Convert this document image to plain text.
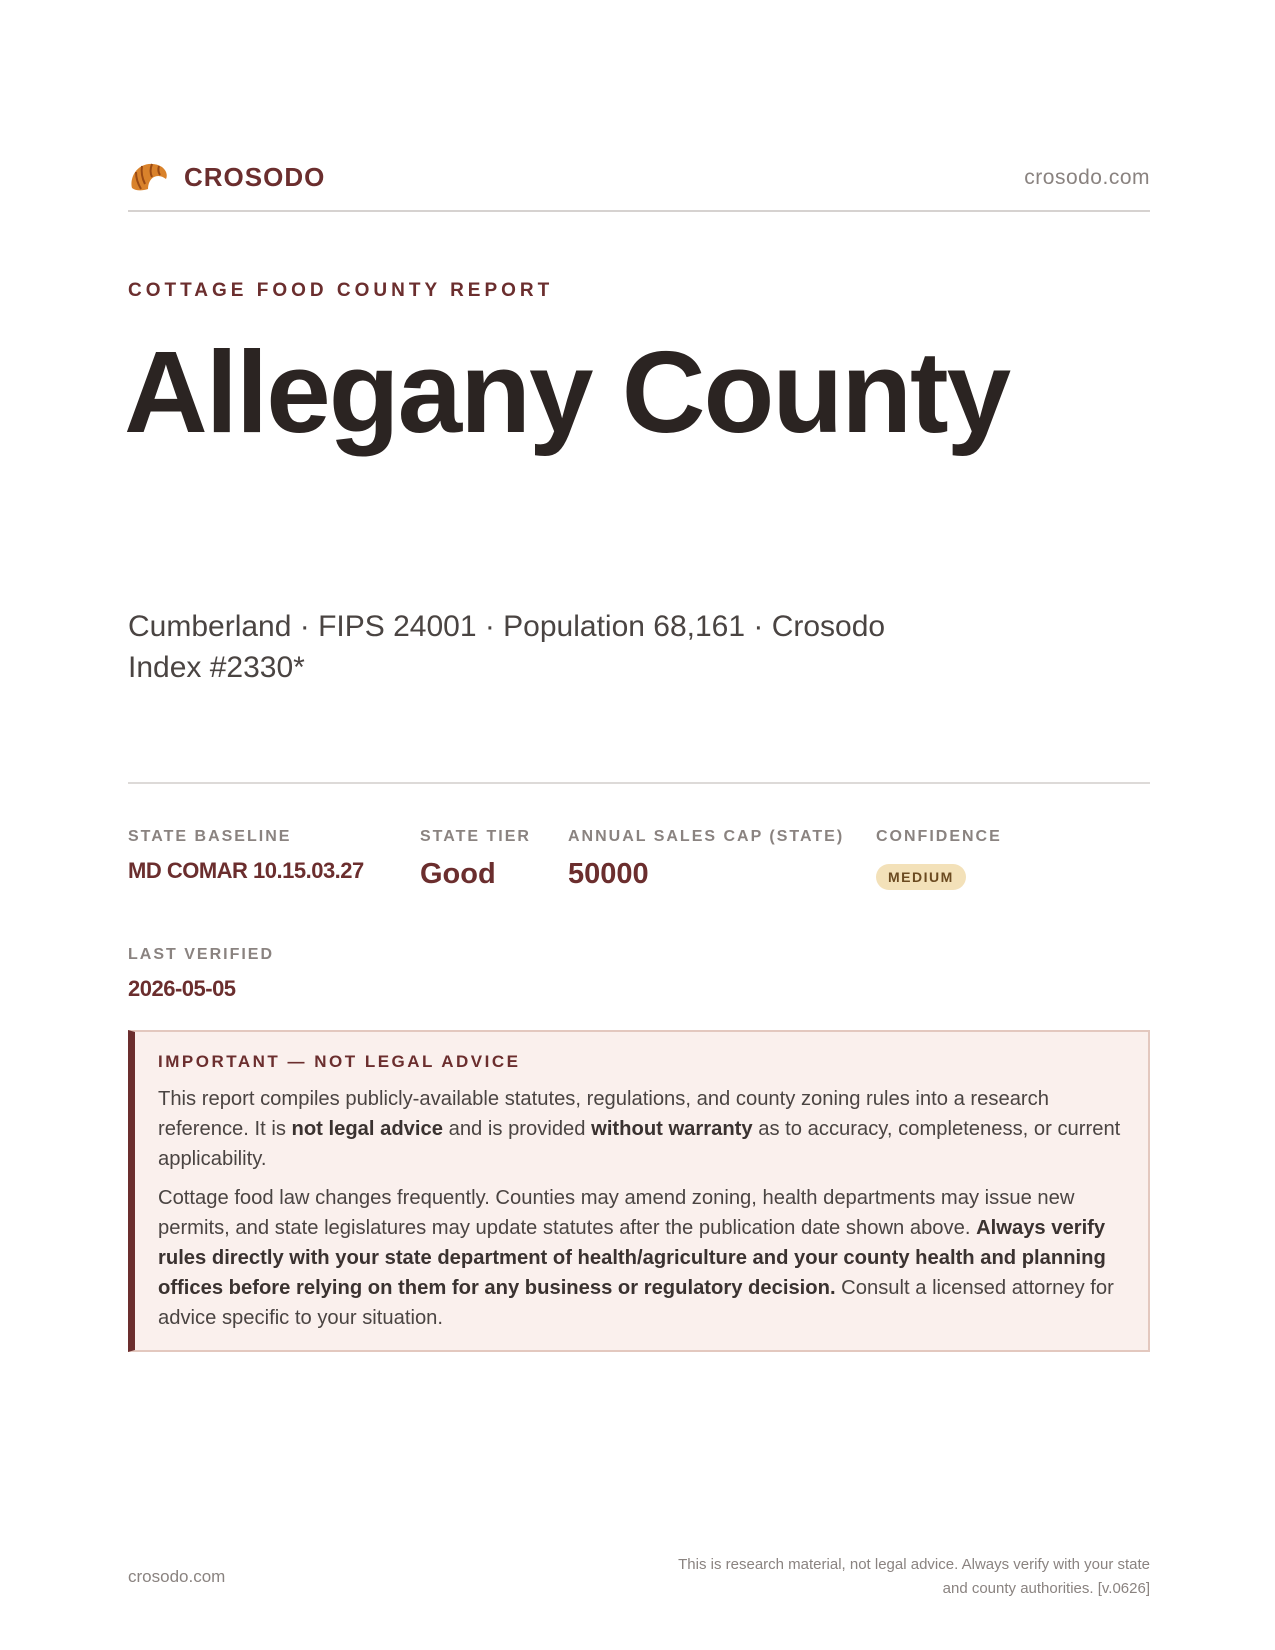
CROSODO	crosodo.com
COTTAGE FOOD COUNTY REPORT
Allegany County
Cumberland · FIPS 24001 · Population 68,161 · Crosodo Index #2330*
STATE BASELINE
MD COMAR 10.15.03.27
STATE TIER
Good
ANNUAL SALES CAP (STATE)
50000
CONFIDENCE
MEDIUM
LAST VERIFIED
2026-05-05
IMPORTANT — NOT LEGAL ADVICE

This report compiles publicly-available statutes, regulations, and county zoning rules into a research reference. It is not legal advice and is provided without warranty as to accuracy, completeness, or current applicability.

Cottage food law changes frequently. Counties may amend zoning, health departments may issue new permits, and state legislatures may update statutes after the publication date shown above. Always verify rules directly with your state department of health/agriculture and your county health and planning offices before relying on them for any business or regulatory decision. Consult a licensed attorney for advice specific to your situation.

crosodo.com
This is research material, not legal advice. Always verify with your state
and county authorities. [v.0626]
